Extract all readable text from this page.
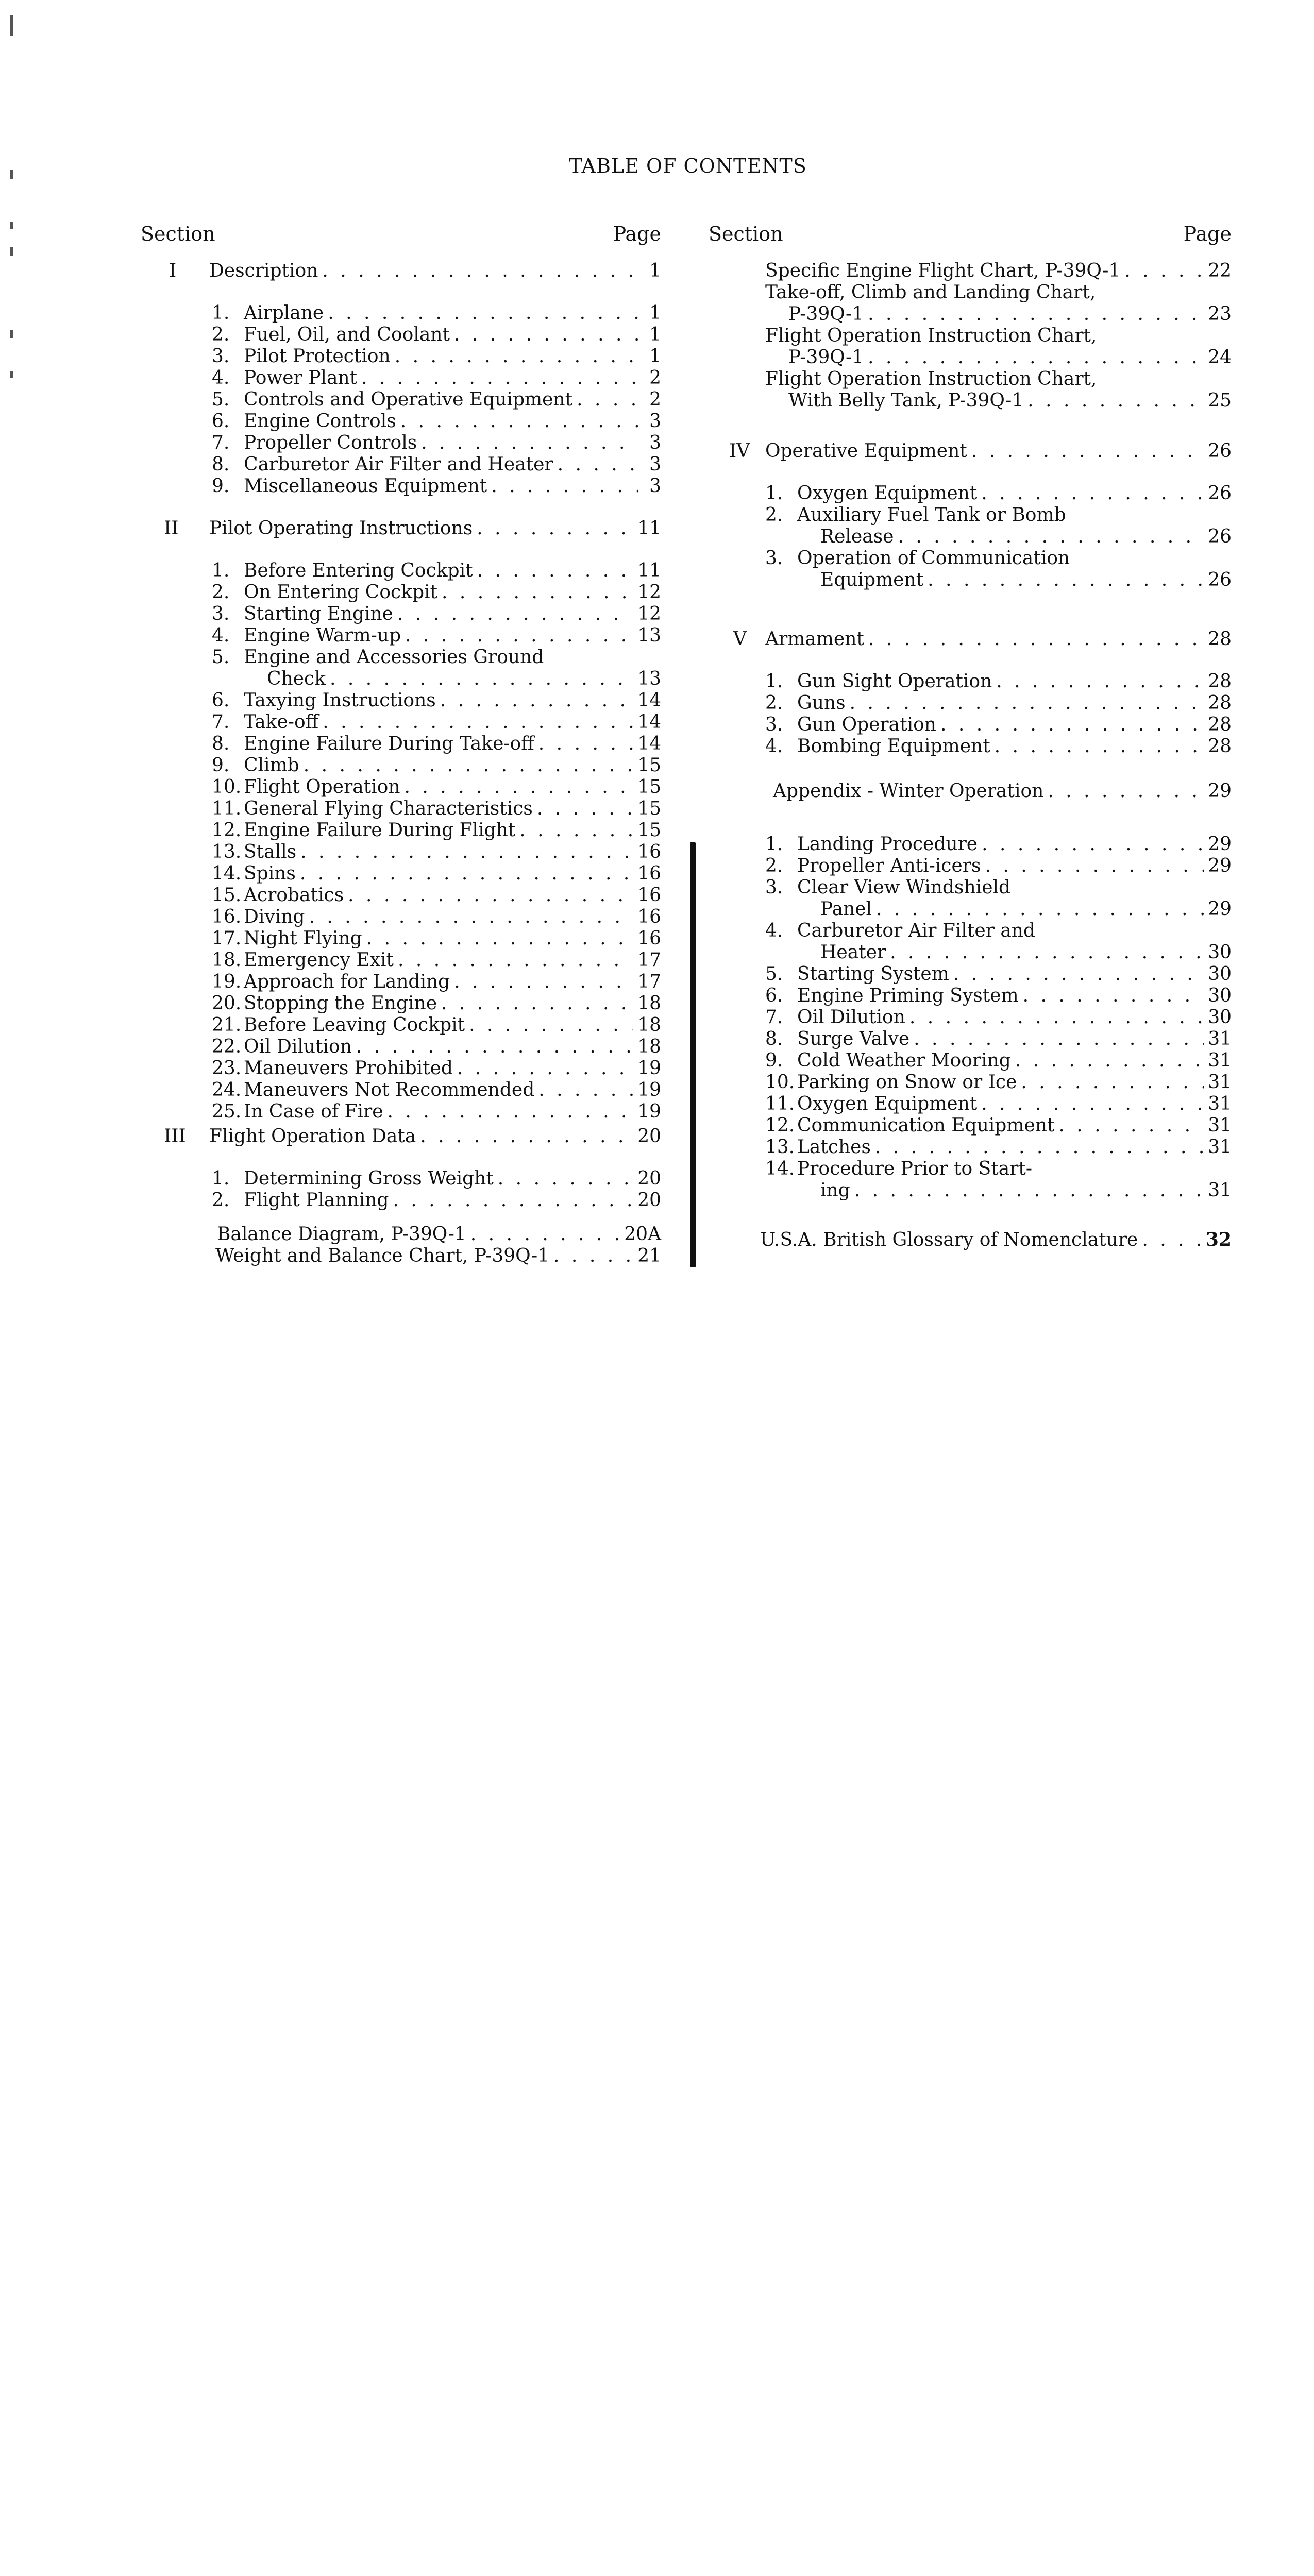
TABLE OF CONTENTS
Section	Page
I Description . . .	1
1. Airplane . . .	1
2. Fuel, Oil, and Coolant . . .	1
3. Pilot Protection . . .	1
4. Power Plant . . .	2
5. Controls and Operative Equipment . . .	2
6. Engine Controls . . .	3
7. Propeller Controls . . .	3
8. Carburetor Air Filter and Heater . . .	3
9. Miscellaneous Equipment . . .	3
II Pilot Operating Instructions . . .	11
1. Before Entering Cockpit . . .	11
2. On Entering Cockpit . . .	12
3. Starting Engine . . .	12
4. Engine Warm-up . . .	13
5. Engine and Accessories Ground
Check . . .	13
6. Taxying Instructions . . .	14
7. Take-off . . .	14
8. Engine Failure During Take-off . . .	14
9. Climb . . .	15
10. Flight Operation . . .	15
11. General Flying Characteristics . . .	15
12. Engine Failure During Flight . . .	15
13. Stalls . . .	16
14. Spins . . .	16
15. Acrobatics . . .	16
16. Diving . . .	16
17. Night Flying . . .	16
18. Emergency Exit . . .	17
19. Approach for Landing . . .	17
20. Stopping the Engine . . .	18
21. Before Leaving Cockpit . . .	18
22. Oil Dilution . . .	18
23. Maneuvers Prohibited . . .	19
24. Maneuvers Not Recommended . . .	19
25. In Case of Fire . . .	19
III Flight Operation Data . . .	20
1. Determining Gross Weight . . .	20
2. Flight Planning . . .	20
Balance Diagram, P-39Q-1 . . .	20A
Weight and Balance Chart, P-39Q-1 . . .	21
Section	Page
Specific Engine Flight Chart, P-39Q-1 . . .	22
Take-off, Climb and Landing Chart,
P-39Q-1 . . .	23
Flight Operation Instruction Chart,
P-39Q-1 . . .	24
Flight Operation Instruction Chart,
With Belly Tank, P-39Q-1 . . .	25
IV Operative Equipment . . .	26
1. Oxygen Equipment . . .	26
2. Auxiliary Fuel Tank or Bomb
Release . . .	26
3. Operation of Communication
Equipment . . .	26
V Armament . . .	28
1. Gun Sight Operation . . .	28
2. Guns . . .	28
3. Gun Operation . . .	28
4. Bombing Equipment . . .	28
Appendix - Winter Operation . . .	29
1. Landing Procedure . . .	29
2. Propeller Anti-icers . . .	29
3. Clear View Windshield
Panel . . .	29
4. Carburetor Air Filter and
Heater . . .	30
5. Starting System . . .	30
6. Engine Priming System . . .	30
7. Oil Dilution . . .	30
8. Surge Valve . . .	31
9. Cold Weather Mooring . . .	31
10. Parking on Snow or Ice . . .	31
11. Oxygen Equipment . . .	31
12. Communication Equipment . . .	31
13. Latches . . .	31
14. Procedure Prior to Start-
ing . . .	31
U.S.A. British Glossary of Nomenclature . . .	32
